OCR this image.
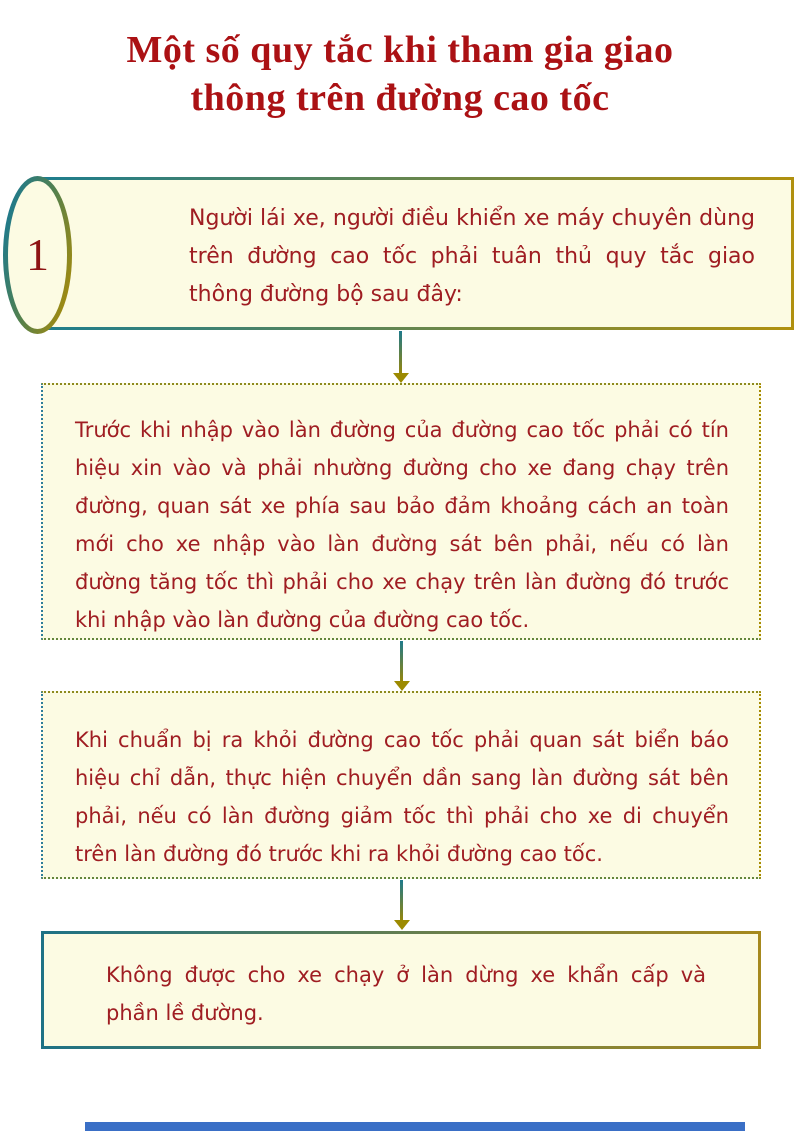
Một số quy tắc khi tham gia giao
thông trên đường cao tốc
Người lái xe, người điều khiển xe máy chuyên dùng trên đường cao tốc phải tuân thủ quy tắc giao thông đường bộ sau đây:
1
Trước khi nhập vào làn đường của đường cao tốc phải có tín hiệu xin vào và phải nhường đường cho xe đang chạy trên đường, quan sát xe phía sau bảo đảm khoảng cách an toàn mới cho xe nhập vào làn đường sát bên phải, nếu có làn đường tăng tốc thì phải cho xe chạy trên làn đường đó trước khi nhập vào làn đường của đường cao tốc.
Khi chuẩn bị ra khỏi đường cao tốc phải quan sát biển báo hiệu chỉ dẫn, thực hiện chuyển dần sang làn đường sát bên phải, nếu có làn đường giảm tốc thì phải cho xe di chuyển trên làn đường đó trước khi ra khỏi đường cao tốc.
Không được cho xe chạy ở làn dừng xe khẩn cấp và phần lề đường.
